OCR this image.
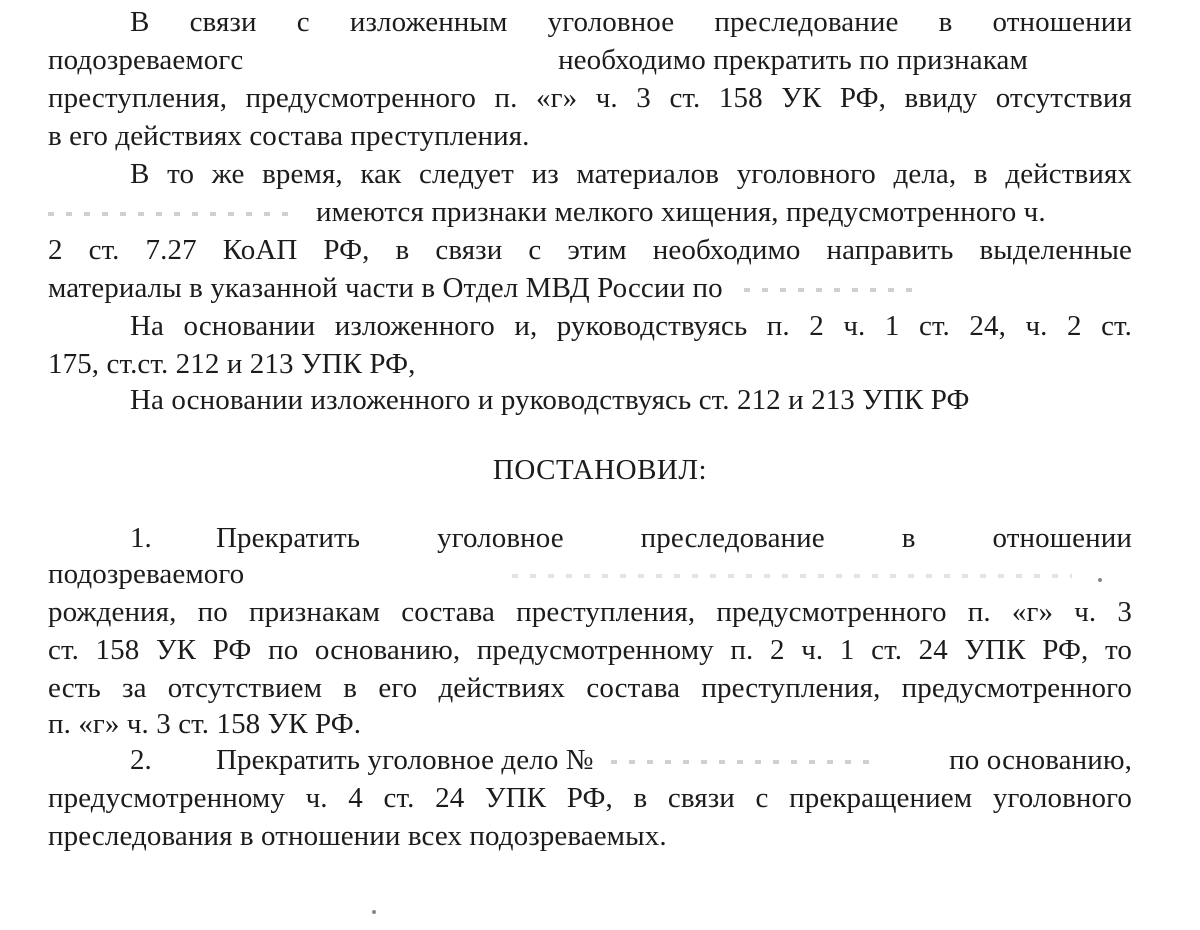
В связи с изложенным уголовное преследование в отношении
подозреваемогс	необходимо прекратить по признакам
преступления, предусмотренного п. «г» ч. 3 ст. 158 УК РФ, ввиду отсутствия
в его действиях состава преступления.
В то же время, как следует из материалов уголовного дела, в действиях
имеются признаки мелкого хищения, предусмотренного ч.
2 ст. 7.27 КоАП РФ, в связи с этим необходимо направить выделенные
материалы в указанной части в Отдел МВД России по
На основании изложенного и, руководствуясь п. 2 ч. 1 ст. 24, ч. 2 ст.
175, ст.ст. 212 и 213 УПК РФ,
На основании изложенного и руководствуясь ст. 212 и 213 УПК РФ
ПОСТАНОВИЛ:
1. Прекратить	уголовное	преследование	в	отношении
подозреваемого
рождения, по признакам состава преступления, предусмотренного п. «г» ч. 3
ст. 158 УК РФ по основанию, предусмотренному п. 2 ч. 1 ст. 24 УПК РФ, то
есть за отсутствием в его действиях состава преступления, предусмотренного
п. «г» ч. 3 ст. 158 УК РФ.
2. Прекратить уголовное дело №	по основанию,
предусмотренному ч. 4 ст. 24 УПК РФ, в связи с прекращением уголовного
преследования в отношении всех подозреваемых.
